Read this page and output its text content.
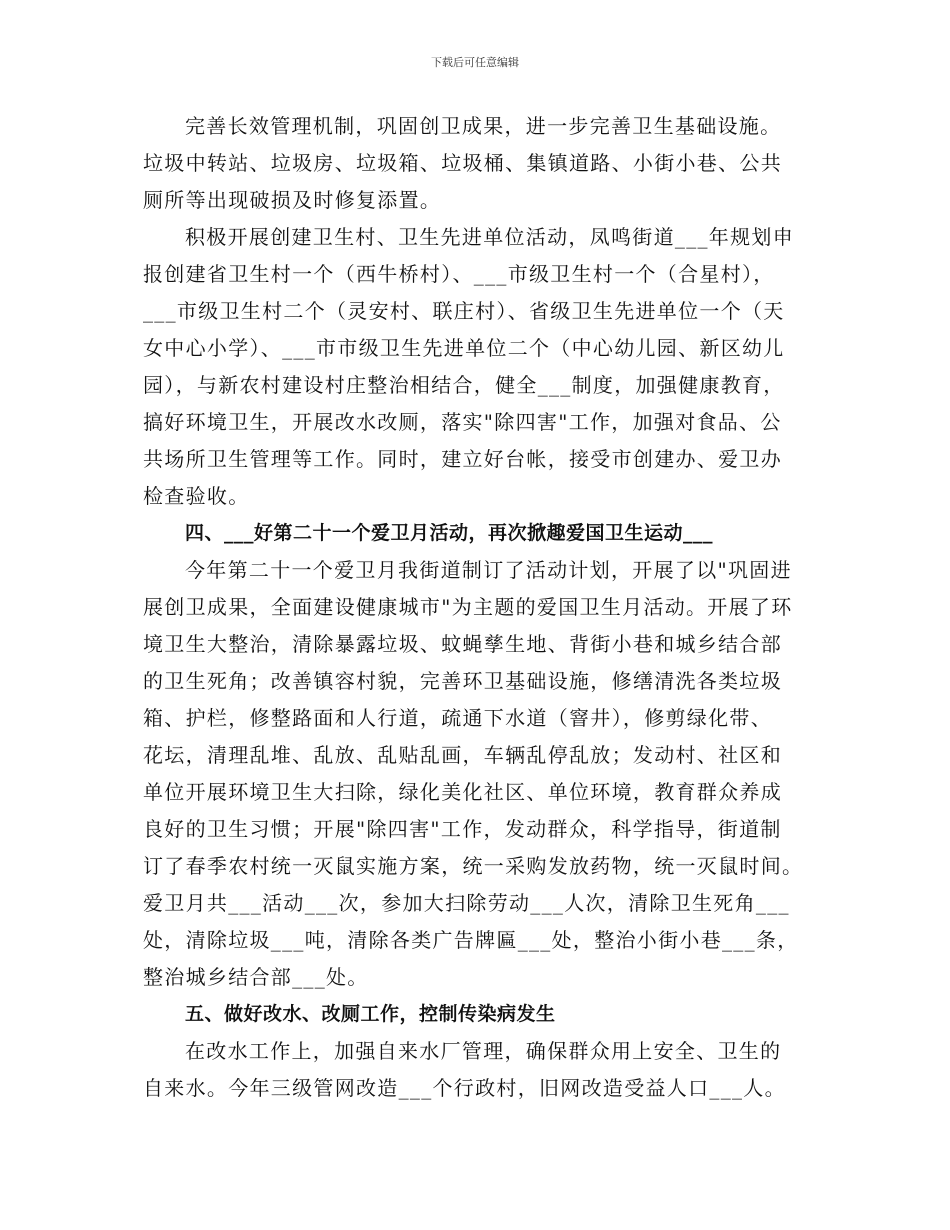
下载后可任意编辑

完善长效管理机制，巩固创卫成果，进一步完善卫生基础设施。
垃圾中转站、垃圾房、垃圾箱、垃圾桶、集镇道路、小街小巷、公共
厕所等出现破损及时修复添置。

积极开展创建卫生村、卫生先进单位活动，凤鸣街道___年规划申
报创建省卫生村一个（西牛桥村）、___市级卫生村一个（合星村），
___市级卫生村二个（灵安村、联庄村）、省级卫生先进单位一个（天
女中心小学）、___市市级卫生先进单位二个（中心幼儿园、新区幼儿
园），与新农村建设村庄整治相结合，健全___制度，加强健康教育，
搞好环境卫生，开展改水改厕，落实"除四害"工作，加强对食品、公
共场所卫生管理等工作。同时，建立好台帐，接受市创建办、爱卫办
检查验收。

四、___好第二十一个爱卫月活动，再次掀趣爱国卫生运动___

今年第二十一个爱卫月我街道制订了活动计划，开展了以"巩固进
展创卫成果，全面建设健康城市"为主题的爱国卫生月活动。开展了环
境卫生大整治，清除暴露垃圾、蚊蝇孳生地、背街小巷和城乡结合部
的卫生死角；改善镇容村貌，完善环卫基础设施，修缮清洗各类垃圾
箱、护栏，修整路面和人行道，疏通下水道（窨井），修剪绿化带、
花坛，清理乱堆、乱放、乱贴乱画，车辆乱停乱放；发动村、社区和
单位开展环境卫生大扫除，绿化美化社区、单位环境，教育群众养成
良好的卫生习惯；开展"除四害"工作，发动群众，科学指导，街道制
订了春季农村统一灭鼠实施方案，统一采购发放药物，统一灭鼠时间。
爱卫月共___活动___次，参加大扫除劳动___人次，清除卫生死角___
处，清除垃圾___吨，清除各类广告牌匾___处，整治小街小巷___条，
整治城乡结合部___处。

五、做好改水、改厕工作，控制传染病发生

在改水工作上，加强自来水厂管理，确保群众用上安全、卫生的
自来水。今年三级管网改造___个行政村，旧网改造受益人口___人。
